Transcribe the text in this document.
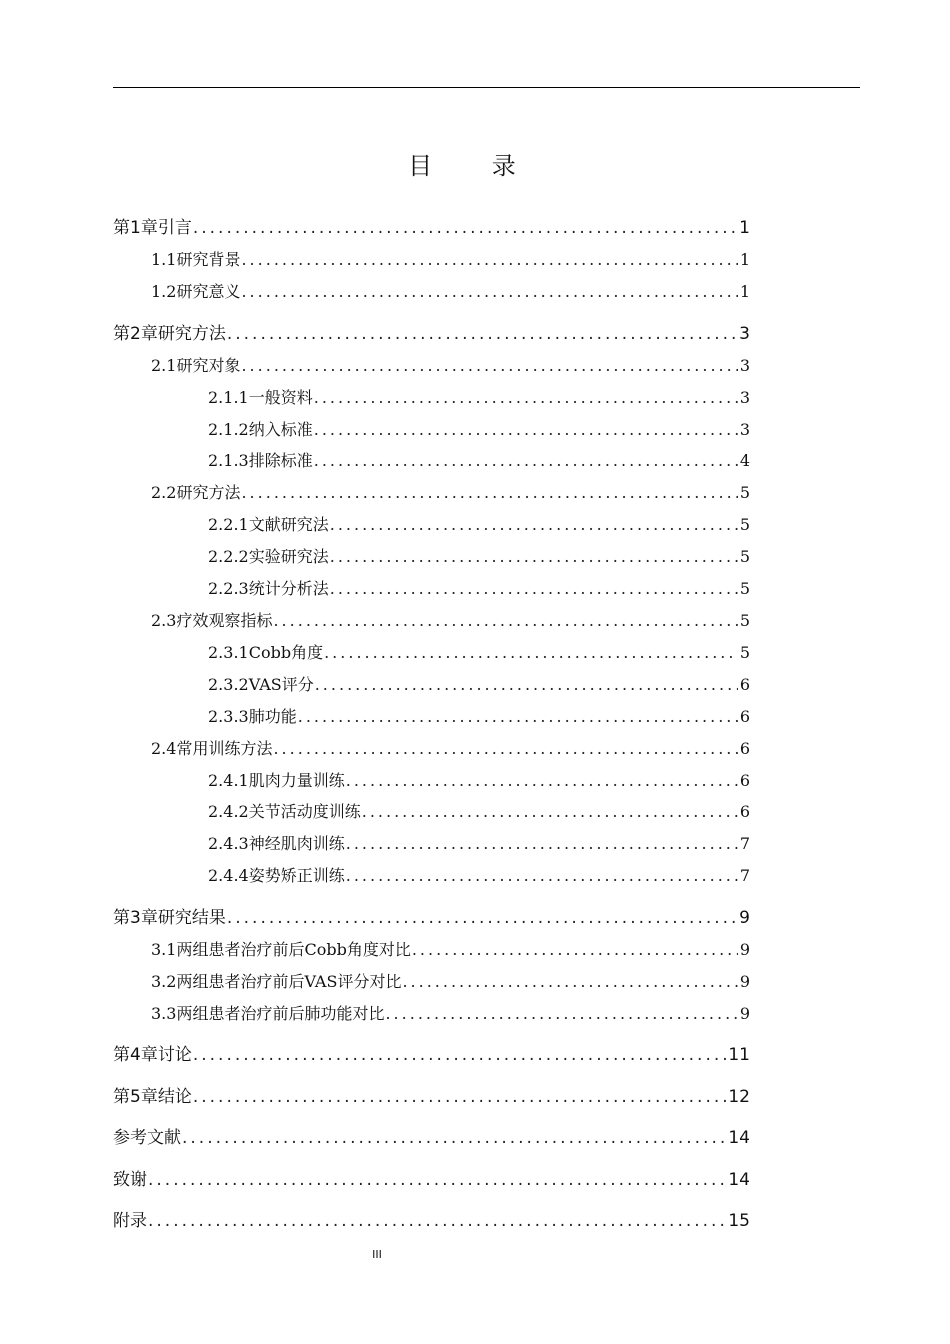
目 录
第1章 引言 .....	1
1.1 研究背景 .....	1
1.2 研究意义 .....	1
第2章 研究方法 .....	3
2.1 研究对象 .....	3
2.1.1 一般资料 .....	3
2.1.2 纳入标准 .....	3
2.1.3 排除标准 .....	4
2.2 研究方法 .....	5
2.2.1 文献研究法 .....	5
2.2.2 实验研究法 .....	5
2.2.3 统计分析法 .....	5
2.3 疗效观察指标 .....	5
2.3.1 Cobb角度 .....	5
2.3.2 VAS评分 .....	6
2.3.3 肺功能 .....	6
2.4 常用训练方法 .....	6
2.4.1 肌肉力量训练 .....	6
2.4.2 关节活动度训练 .....	6
2.4.3 神经肌肉训练 .....	7
2.4.4 姿势矫正训练 .....	7
第3章 研究结果 .....	9
3.1 两组患者治疗前后Cobb角度对比 .....	9
3.2 两组患者治疗前后VAS评分对比 .....	9
3.3 两组患者治疗前后肺功能对比 .....	9
第4章 讨论 .....	11
第5章 结论 .....	12
参考文献 .....	14
致谢 .....	14
附录 .....	15
III
